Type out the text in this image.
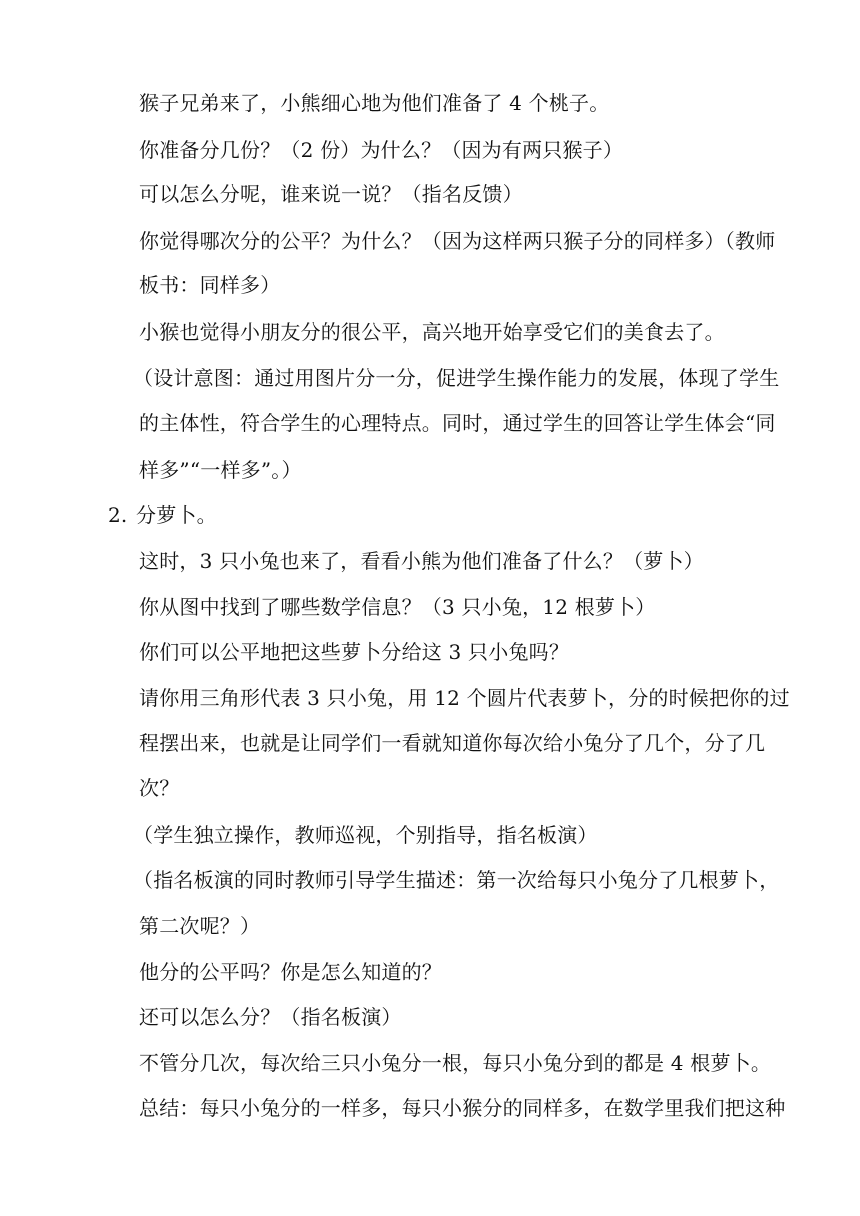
猴子兄弟来了，小熊细心地为他们准备了 4 个桃子。
你准备分几份？（2 份）为什么？（因为有两只猴子）
可以怎么分呢，谁来说一说？（指名反馈）
你觉得哪次分的公平？为什么？（因为这样两只猴子分的同样多）（教师
板书：同样多）
小猴也觉得小朋友分的很公平，高兴地开始享受它们的美食去了。
（设计意图：通过用图片分一分，促进学生操作能力的发展，体现了学生
的主体性，符合学生的心理特点。同时，通过学生的回答让学生体会“同
样多”“一样多”。）
2. 分萝卜。
这时，3 只小兔也来了，看看小熊为他们准备了什么？（萝卜）
你从图中找到了哪些数学信息？（3 只小兔，12 根萝卜）
你们可以公平地把这些萝卜分给这 3 只小兔吗？
请你用三角形代表 3 只小兔，用 12 个圆片代表萝卜，分的时候把你的过
程摆出来，也就是让同学们一看就知道你每次给小兔分了几个，分了几
次？
（学生独立操作，教师巡视，个别指导，指名板演）
（指名板演的同时教师引导学生描述：第一次给每只小兔分了几根萝卜，
第二次呢？）
他分的公平吗？你是怎么知道的？
还可以怎么分？（指名板演）
不管分几次，每次给三只小兔分一根，每只小兔分到的都是 4 根萝卜。
总结：每只小兔分的一样多，每只小猴分的同样多，在数学里我们把这种
